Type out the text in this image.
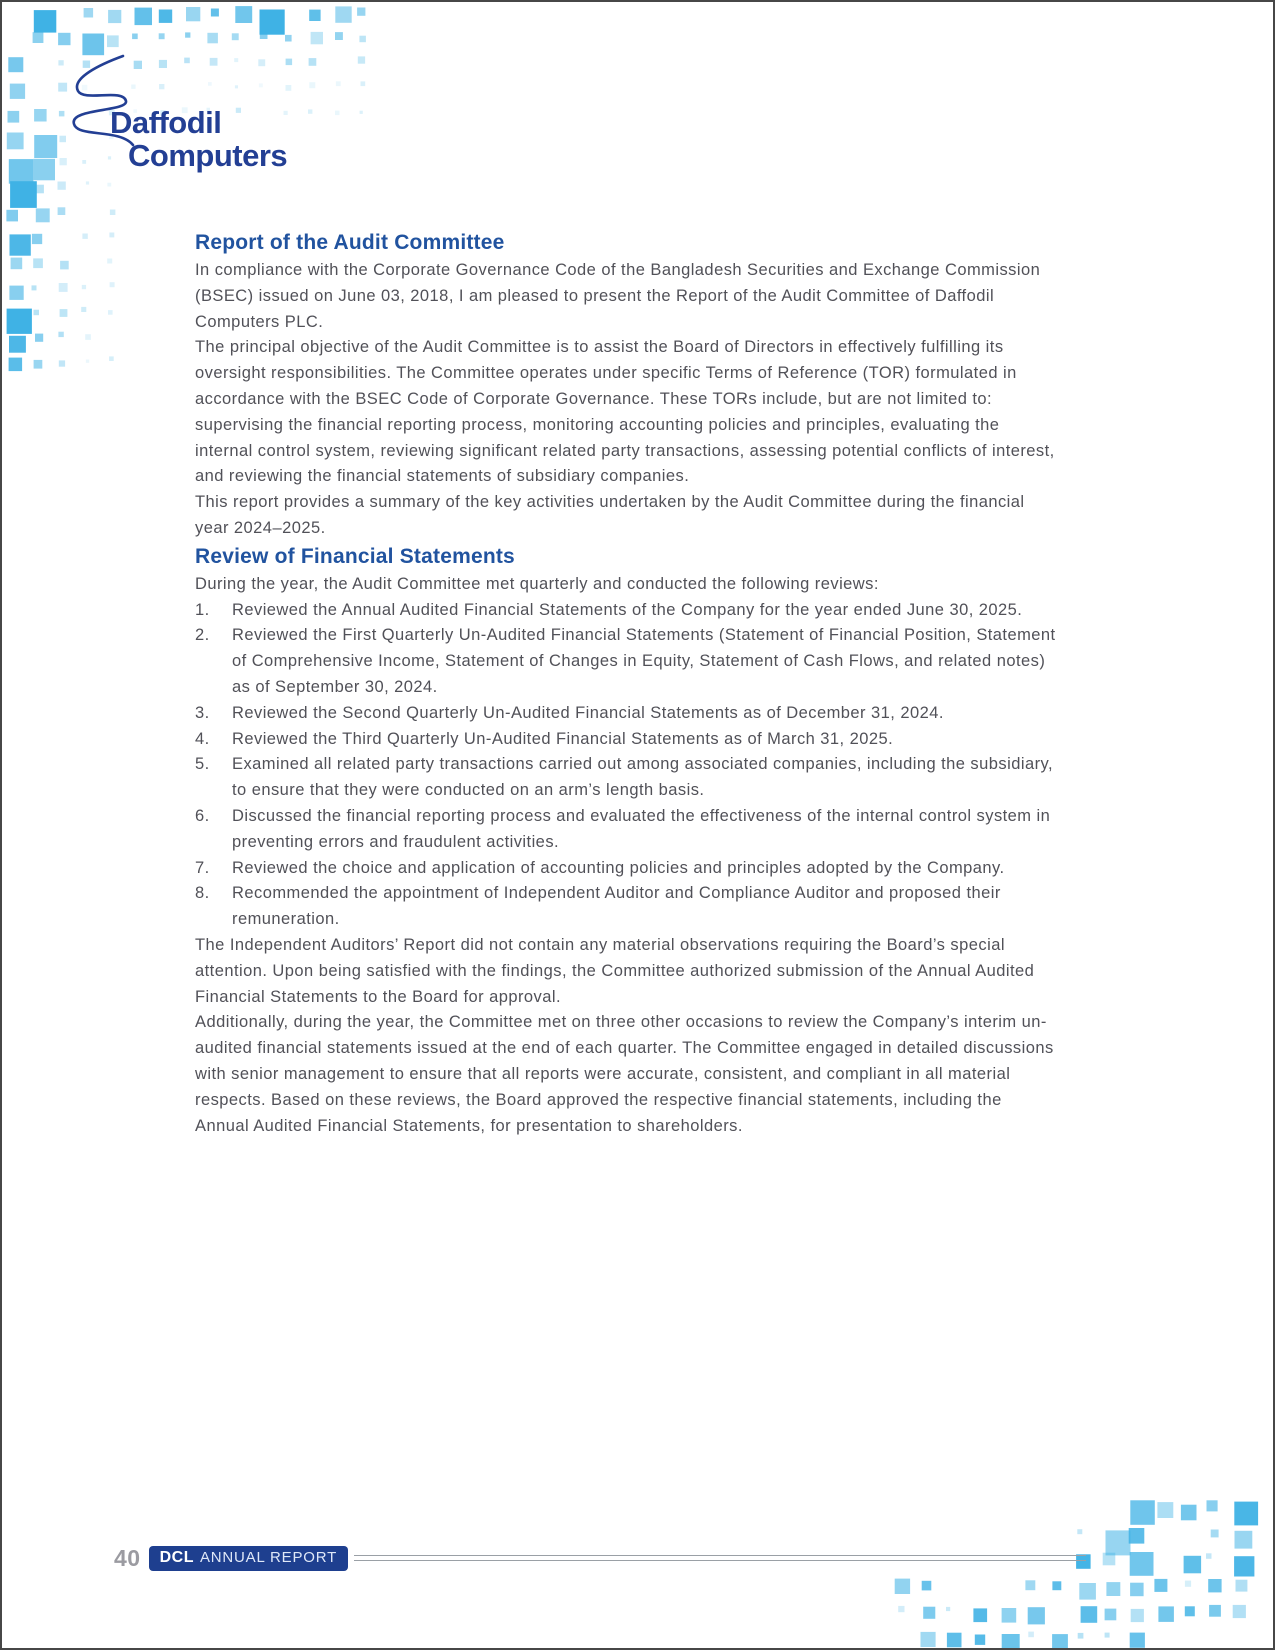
Daffodil
Computers
Report of the Audit Committee

In compliance with the Corporate Governance Code of the Bangladesh Securities and Exchange Commission (BSEC) issued on June 03, 2018, I am pleased to present the Report of the Audit Committee of Daffodil Computers PLC.

The principal objective of the Audit Committee is to assist the Board of Directors in effectively fulfilling its oversight responsibilities. The Committee operates under specific Terms of Reference (TOR) formulated in accordance with the BSEC Code of Corporate Governance. These TORs include, but are not limited to: supervising the financial reporting process, monitoring accounting policies and principles, evaluating the internal control system, reviewing significant related party transactions, assessing potential conflicts of interest, and reviewing the financial statements of subsidiary companies.

This report provides a summary of the key activities undertaken by the Audit Committee during the financial year 2024–2025.

Review of Financial Statements

During the year, the Audit Committee met quarterly and conducted the following reviews:

Reviewed the Annual Audited Financial Statements of the Company for the year ended June 30, 2025.
Reviewed the First Quarterly Un-Audited Financial Statements (Statement of Financial Position, Statement of Comprehensive Income, Statement of Changes in Equity, Statement of Cash Flows, and related notes) as of September 30, 2024.
Reviewed the Second Quarterly Un-Audited Financial Statements as of December 31, 2024.
Reviewed the Third Quarterly Un-Audited Financial Statements as of March 31, 2025.
Examined all related party transactions carried out among associated companies, including the subsidiary, to ensure that they were conducted on an arm’s length basis.
Discussed the financial reporting process and evaluated the effectiveness of the internal control system in preventing errors and fraudulent activities.
Reviewed the choice and application of accounting policies and principles adopted by the Company.
Recommended the appointment of Independent Auditor and Compliance Auditor and proposed their remuneration.

The Independent Auditors’ Report did not contain any material observations requiring the Board’s special attention. Upon being satisfied with the findings, the Committee authorized submission of the Annual Audited Financial Statements to the Board for approval.

Additionally, during the year, the Committee met on three other occasions to review the Company’s interim un-audited financial statements issued at the end of each quarter. The Committee engaged in detailed discussions with senior management to ensure that all reports were accurate, consistent, and compliant in all material respects. Based on these reviews, the Board approved the respective financial statements, including the Annual Audited Financial Statements, for presentation to shareholders.

40 DCL ANNUAL REPORT
